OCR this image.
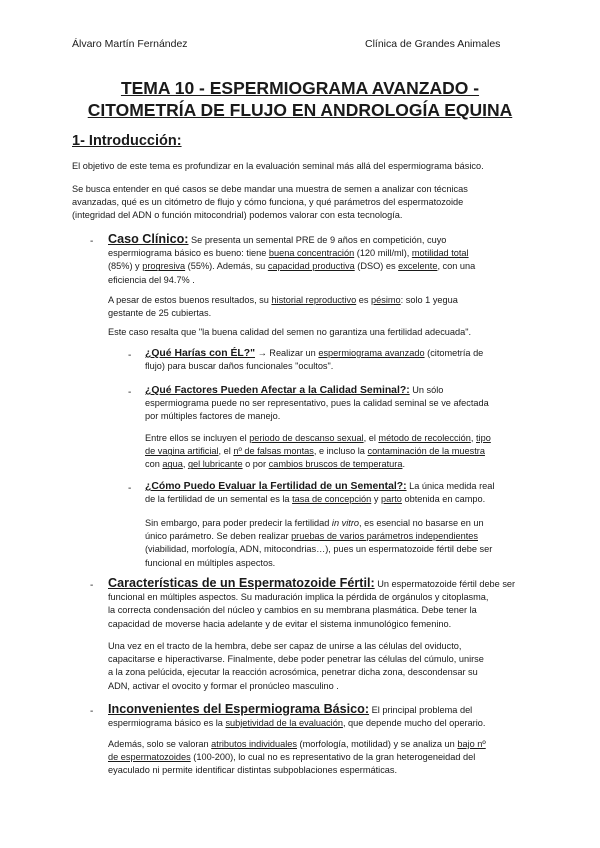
Álvaro Martín Fernández	Clínica de Grandes Animales
TEMA 10 - ESPERMIOGRAMA AVANZADO -
CITOMETRÍA DE FLUJO EN ANDROLOGÍA EQUINA
1- Introducción:
El objetivo de este tema es profundizar en la evaluación seminal más allá del espermiograma básico.
Se busca entender en qué casos se debe mandar una muestra de semen a analizar con técnicas
avanzadas, qué es un citómetro de flujo y cómo funciona, y qué parámetros del espermatozoide
(integridad del ADN o función mitocondrial) podemos valorar con esta tecnología.
- Caso Clínico: Se presenta un semental PRE de 9 años en competición, cuyo
espermiograma básico es bueno: tiene buena concentración (120 mill/ml), motilidad total
(85%) y progresiva (55%). Además, su capacidad productiva (DSO) es excelente, con una
eficiencia del 94.7% .
A pesar de estos buenos resultados, su historial reproductivo es pésimo: solo 1 yegua
gestante de 25 cubiertas.
Este caso resalta que "la buena calidad del semen no garantiza una fertilidad adecuada".
- ¿Qué Harías con ÉL?" → Realizar un espermiograma avanzado (citometría de
flujo) para buscar daños funcionales "ocultos".
- ¿Qué Factores Pueden Afectar a la Calidad Seminal?: Un sólo
espermiograma puede no ser representativo, pues la calidad seminal se ve afectada
por múltiples factores de manejo.
Entre ellos se incluyen el periodo de descanso sexual, el método de recolección, tipo
de vagina artificial, el nº de falsas montas, e incluso la contaminación de la muestra
con agua, gel lubricante o por cambios bruscos de temperatura.
- ¿Cómo Puedo Evaluar la Fertilidad de un Semental?: La única medida real
de la fertilidad de un semental es la tasa de concepción y parto obtenida en campo.
Sin embargo, para poder predecir la fertilidad in vitro, es esencial no basarse en un
único parámetro. Se deben realizar pruebas de varios parámetros independientes
(viabilidad, morfología, ADN, mitocondrias…), pues un espermatozoide fértil debe ser
funcional en múltiples aspectos.
- Características de un Espermatozoide Fértil: Un espermatozoide fértil debe ser
funcional en múltiples aspectos. Su maduración implica la pérdida de orgánulos y citoplasma,
la correcta condensación del núcleo y cambios en su membrana plasmática. Debe tener la
capacidad de moverse hacia adelante y de evitar el sistema inmunológico femenino.
Una vez en el tracto de la hembra, debe ser capaz de unirse a las células del oviducto,
capacitarse e hiperactivarse. Finalmente, debe poder penetrar las células del cúmulo, unirse
a la zona pelúcida, ejecutar la reacción acrosómica, penetrar dicha zona, descondensar su
ADN, activar el ovocito y formar el pronúcleo masculino .
- Inconvenientes del Espermiograma Básico: El principal problema del
espermiograma básico es la subjetividad de la evaluación, que depende mucho del operario.
Además, solo se valoran atributos individuales (morfología, motilidad) y se analiza un bajo nº
de espermatozoides (100-200), lo cual no es representativo de la gran heterogeneidad del
eyaculado ni permite identificar distintas subpoblaciones espermáticas.
